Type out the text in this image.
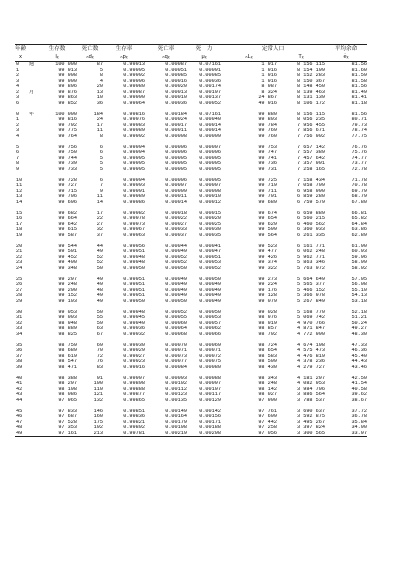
年齢		生存数	死亡数	生存率	死亡率	死　力	定常人口		平均余命
x		lₓ	ₙdₓ	ₙpₓ	ₙqₓ	μₓ	ₙLₓ	Tₓ	e̊ₓ
0	週	100 000	87	0.99913	0.00087	0.07161	1 917	8 156 115	81.56
1		99 913	5	0.99995	0.00051	0.00091	1 916	8 154 199	81.60
2		99 908	8	0.99992	0.00085	0.00085	1 916	8 152 283	81.59
3		99 900	4	0.99996	0.00016	0.00036	1 916	8 150 367	81.58
4		99 896	20	0.99980	0.00020	0.00174	8 987	8 148 450	81.56
2	月	99 876	13	0.99987	0.00013	0.00197	8 324	8 139 463	81.49
3		99 863	10	0.99990	0.00010	0.00137	24 867	8 131 139	81.41
6		99 852	36	0.99964	0.00036	0.00052	49 916	8 106 172	81.18

0	年	100 000	184	0.99816	0.00184	0.07161	99 880	8 156 115	81.56
1		99 816	24	0.99976	0.00024	0.00040	99 803	8 056 235	80.71
2		99 792	17	0.99983	0.00017	0.00014	99 784	7 956 455	79.73
3		99 775	11	0.99989	0.00011	0.00014	99 769	7 856 671	78.74
4		99 764	8	0.99992	0.00008	0.00009	99 760	7 756 902	77.75

5		99 756	6	0.99994	0.00006	0.00007	99 753	7 657 142	76.76
6		99 750	6	0.99994	0.00006	0.00006	99 747	7 557 389	75.76
7		99 744	5	0.99995	0.00005	0.00005	99 741	7 457 642	74.77
8		99 739	5	0.99995	0.00005	0.00005	99 736	7 357 901	73.77
9		99 733	5	0.99995	0.00005	0.00005	99 731	7 258 165	72.78

10		99 728	6	0.99994	0.00006	0.00005	99 725	7 158 434	71.78
11		99 727	7	0.99993	0.00007	0.00007	99 719	7 058 709	70.78
12		99 715	9	0.99991	0.00009	0.00008	99 711	6 958 990	69.79
13		99 706	11	0.99989	0.00011	0.00010	99 701	6 859 280	68.79
14		99 696	14	0.99986	0.00014	0.00012	99 689	6 759 579	67.80

15		99 682	17	0.99982	0.00018	0.00015	99 674	6 659 889	66.81
16		99 664	22	0.99978	0.00022	0.00020	99 654	6 560 215	65.82
17		99 642	27	0.99973	0.00027	0.00025	99 629	6 460 562	64.84
18		99 615	32	0.99967	0.00033	0.00030	99 599	6 360 933	63.86
19		99 587	37	0.99963	0.00037	0.00035	99 564	6 261 335	62.89

20		99 544	44	0.99956	0.00044	0.00041	99 523	6 161 771	61.90
21		99 501	49	0.99951	0.00049	0.00047	99 477	6 062 248	60.93
22		99 452	52	0.99948	0.00052	0.00051	99 426	5 962 771	59.96
23		99 400	52	0.99948	0.00052	0.00053	99 374	5 863 346	58.99
24		99 348	50	0.99950	0.00050	0.00052	99 322	5 763 972	58.02

25		99 297	49	0.99951	0.00049	0.00050	99 273	5 664 649	57.05
26		99 248	49	0.99951	0.00049	0.00049	99 224	5 565 377	56.08
27		99 200	48	0.99951	0.00049	0.00049	99 176	5 466 152	55.10
28		99 152	49	0.99951	0.00049	0.00049	99 128	5 366 978	54.13
29		99 103	49	0.99950	0.00050	0.00049	99 079	5 267 849	53.18

30		99 053	50	0.99948	0.00052	0.00050	99 028	5 168 770	52.18
31		99 003	55	0.99945	0.00055	0.00053	98 976	5 069 742	51.21
32		98 948	59	0.99940	0.00060	0.00057	98 919	4 970 766	50.24
33		98 889	63	0.99936	0.00064	0.00062	98 857	4 871 847	49.27
34		98 825	67	0.99932	0.00068	0.00066	98 792	4 772 990	48.30

35		98 759	69	0.99930	0.00070	0.00069	98 724	4 674 198	47.33
36		98 689	70	0.99929	0.00071	0.00071	98 654	4 575 473	46.36
37		98 619	72	0.99927	0.00073	0.00072	98 583	4 476 819	45.40
38		98 547	76	0.99923	0.00077	0.00075	98 509	4 378 236	44.43
39		98 471	83	0.99916	0.00084	0.00080	98 430	4 279 727	43.46

40		98 388	91	0.99907	0.00093	0.00088	98 343	4 181 297	42.50
41		98 297	100	0.99898	0.00102	0.00097	98 248	4 082 953	41.54
42		98 198	110	0.99888	0.00112	0.00107	98 142	3 984 706	40.58
43		98 086	121	0.99877	0.00123	0.00117	98 027	3 886 564	39.62
44		97 965	132	0.99865	0.00135	0.00129	97 900	3 788 537	38.67

45		97 833	146	0.99851	0.00149	0.00142	97 761	3 690 637	37.72
46		97 687	160	0.99836	0.00164	0.00156	97 609	3 592 875	36.78
47		97 528	175	0.99821	0.00179	0.00171	97 442	3 495 267	35.84
48		97 353	192	0.99802	0.00198	0.00188	97 258	3 397 824	34.90
49		97 161	213	0.99781	0.00219	0.00208	97 056	3 300 565	33.97
